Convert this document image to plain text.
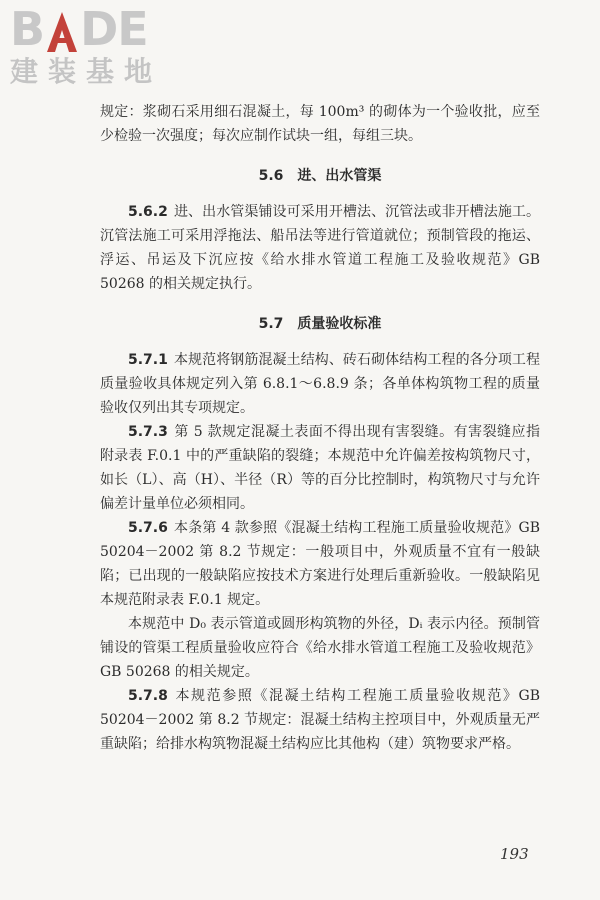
B DE
建装基地

规定：浆砌石采用细石混凝土，每 100m³ 的砌体为一个验收批，应至少检验一次强度；每次应制作试块一组，每组三块。

5.6　进、出水管渠

5.6.2 进、出水管渠铺设可采用开槽法、沉管法或非开槽法施工。沉管法施工可采用浮拖法、船吊法等进行管道就位；预制管段的拖运、浮运、吊运及下沉应按《给水排水管道工程施工及验收规范》GB 50268 的相关规定执行。

5.7　质量验收标准

5.7.1 本规范将钢筋混凝土结构、砖石砌体结构工程的各分项工程质量验收具体规定列入第 6.8.1～6.8.9 条；各单体构筑物工程的质量验收仅列出其专项规定。

5.7.3 第 5 款规定混凝土表面不得出现有害裂缝。有害裂缝应指附录表 F.0.1 中的严重缺陷的裂缝；本规范中允许偏差按构筑物尺寸，如长（L）、高（H）、半径（R）等的百分比控制时，构筑物尺寸与允许偏差计量单位必须相同。

5.7.6 本条第 4 款参照《混凝土结构工程施工质量验收规范》GB 50204－2002 第 8.2 节规定：一般项目中，外观质量不宜有一般缺陷；已出现的一般缺陷应按技术方案进行处理后重新验收。一般缺陷见本规范附录表 F.0.1 规定。

本规范中 D₀ 表示管道或圆形构筑物的外径，Dᵢ 表示内径。预制管铺设的管渠工程质量验收应符合《给水排水管道工程施工及验收规范》GB 50268 的相关规定。

5.7.8 本规范参照《混凝土结构工程施工质量验收规范》GB 50204－2002 第 8.2 节规定：混凝土结构主控项目中，外观质量无严重缺陷；给排水构筑物混凝土结构应比其他构（建）筑物要求严格。

193
